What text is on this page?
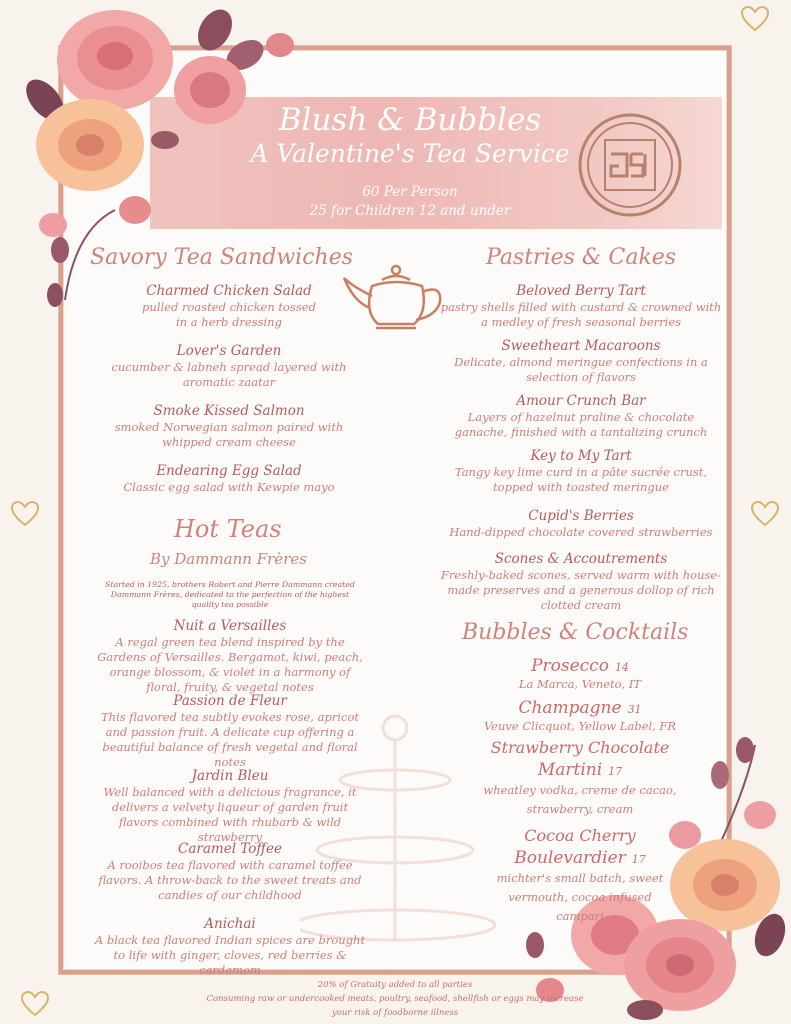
Blush & Bubbles
A Valentine's Tea Service
60 Per Person
25 for Children 12 and under
Savory Tea Sandwiches
Charmed Chicken Salad
pulled roasted chicken tossed in a herb dressing
Lover's Garden
cucumber & labneh spread layered with aromatic zaatar
Smoke Kissed Salmon
smoked Norwegian salmon paired with whipped cream cheese
Endearing Egg Salad
Classic egg salad with Kewpie mayo
Hot Teas
By Dammann Frères
Started in 1925, brothers Robert and Pierre Dammann created Dammann Frères, dedicated to the perfection of the highest quality tea possible
Nuit a Versailles
A regal green tea blend inspired by the Gardens of Versailles. Bergamot, kiwi, peach, orange blossom, & violet in a harmony of floral, fruity, & vegetal notes
Passion de Fleur
This flavored tea subtly evokes rose, apricot and passion fruit. A delicate cup offering a beautiful balance of fresh vegetal and floral notes
Jardin Bleu
Well balanced with a delicious fragrance, it delivers a velvety liqueur of garden fruit flavors combined with rhubarb & wild strawberry
Caramel Toffee
A rooibos tea flavored with caramel toffee flavors. A throw-back to the sweet treats and candies of our childhood
Anichai
A black tea flavored Indian spices are brought to life with ginger, cloves, red berries & cardamom
Pastries & Cakes
Beloved Berry Tart
pastry shells filled with custard & crowned with a medley of fresh seasonal berries
Sweetheart Macaroons
Delicate, almond meringue confections in a selection of flavors
Amour Crunch Bar
Layers of hazelnut praline & chocolate ganache, finished with a tantalizing crunch
Key to My Tart
Tangy key lime curd in a pâte sucrée crust, topped with toasted meringue
Cupid's Berries
Hand-dipped chocolate covered strawberries
Scones & Accoutrements
Freshly-baked scones, served warm with house-made preserves and a generous dollop of rich clotted cream
Bubbles & Cocktails
Prosecco 14
La Marca, Veneto, IT
Champagne 31
Veuve Clicquot, Yellow Label, FR
Strawberry Chocolate
Martini 17
wheatley vodka, creme de cacao, strawberry, cream
Cocoa Cherry
Boulevardier 17
michter's small batch, sweet vermouth, cocoa infused campari
20% of Gratuity added to all parties
Consuming raw or undercooked meats, poultry, seafood, shellfish or eggs may increase
your risk of foodborne illness
